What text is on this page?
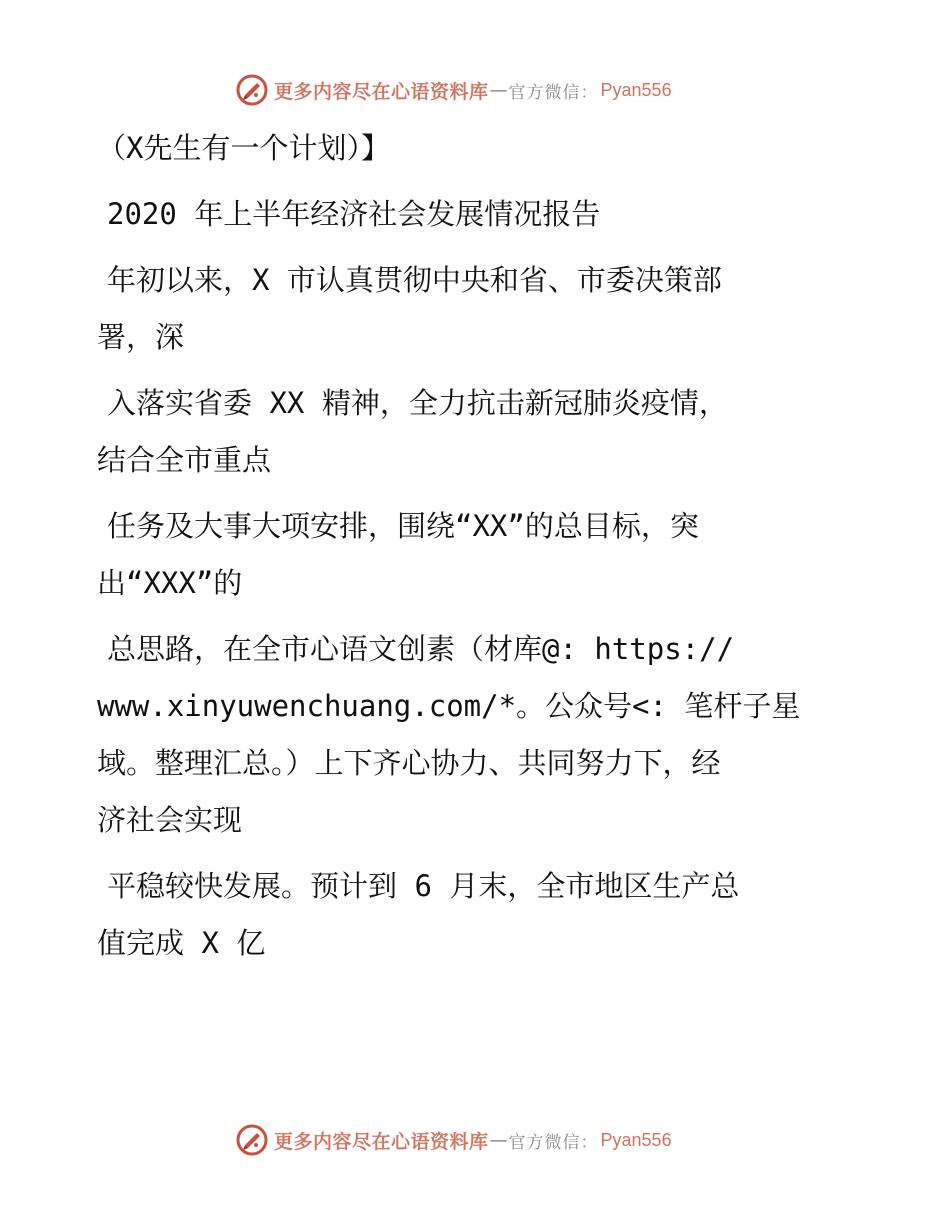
更多内容尽在心语资料库 — 官方微信： Pyan556
（X先生有一个计划）】
2020 年上半年经济社会发展情况报告
年初以来，X 市认真贯彻中央和省、市委决策部
署，深
入落实省委 XX 精神，全力抗击新冠肺炎疫情，
结合全市重点
任务及大事大项安排，围绕“XX”的总目标，突
出“XXX”的
总思路，在全市心语文创素（材库@: https://
www.xinyuwenchuang.com/*。公众号<: 笔杆子星
域。整理汇总。）上下齐心协力、共同努力下，经
济社会实现
平稳较快发展。预计到 6 月末，全市地区生产总
值完成 X 亿
更多内容尽在心语资料库 — 官方微信： Pyan556
